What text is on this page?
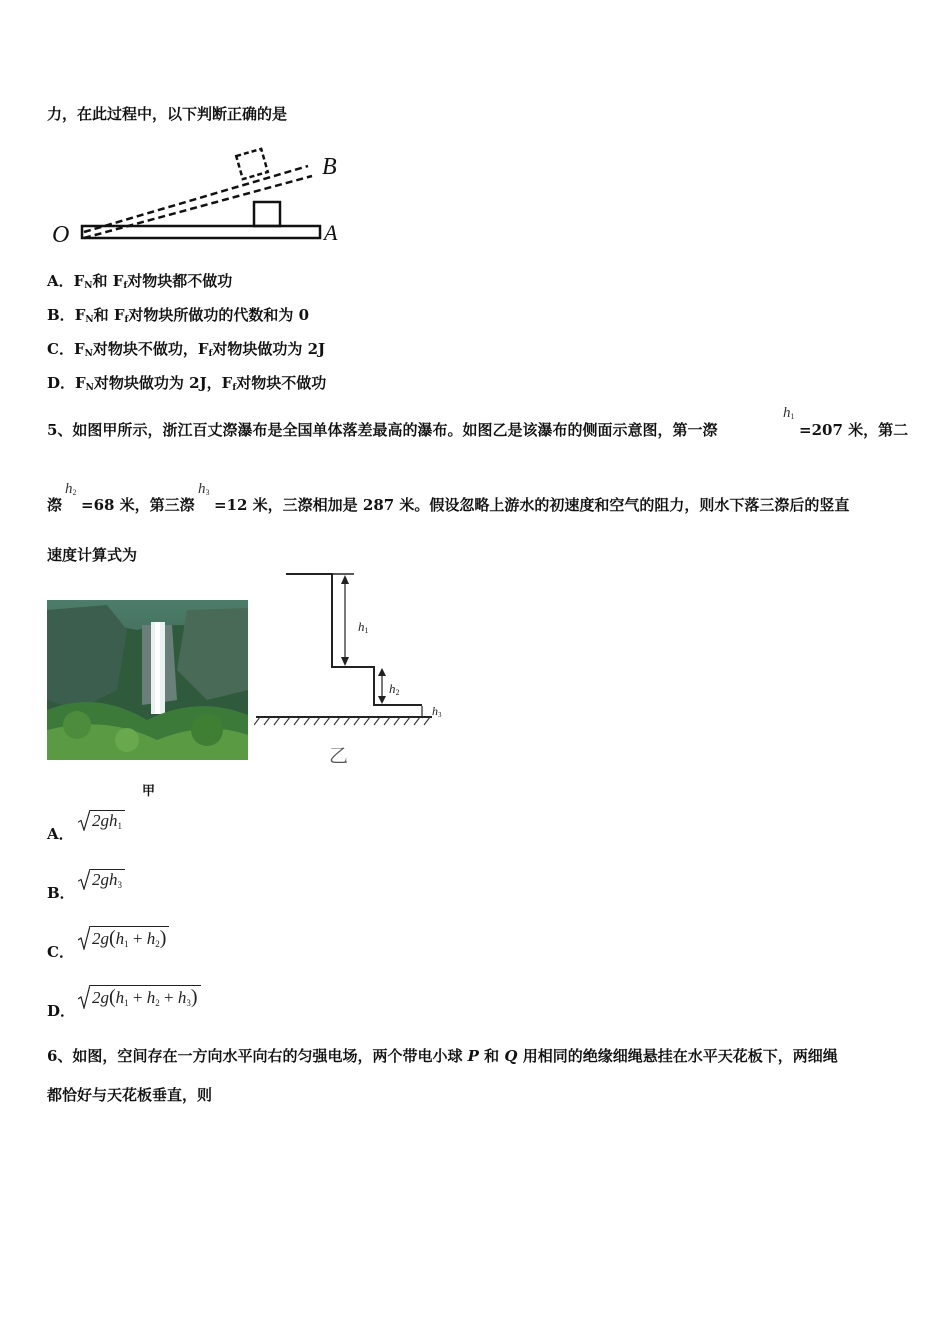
力，在此过程中，以下判断正确的是
O	A
B
A．$F_N$和 $F_f$对物块都不做功
B．$F_N$和 $F_f$对物块所做功的代数和为 0
C．$F_N$对物块不做功，$F_f$对物块做功为 2J
D．$F_N$对物块做功为 2J，$F_f$对物块不做功
5、如图甲所示，浙江百丈漈瀑布是全国单体落差最高的瀑布。如图乙是该瀑布的侧面示意图，第一漈
$h_1$
=207 米，第二
漈
$h_2$
=68 米，第三漈
$h_3$
=12 米，三漈相加是 287 米。假设忽略上游水的初速度和空气的阻力，则水下落三漈后的竖直
速度计算式为
甲
h1
h2
h3
乙
A．
$2gh_1$
B．
$2gh_3$
C．
$2g(h_1 + h_2)$
D．
$2g(h_1 + h_2 + h_3)$
6、如图，空间存在一方向水平向右的匀强电场，两个带电小球 P 和 Q 用相同的绝缘细绳悬挂在水平天花板下，两细绳
都恰好与天花板垂直，则
